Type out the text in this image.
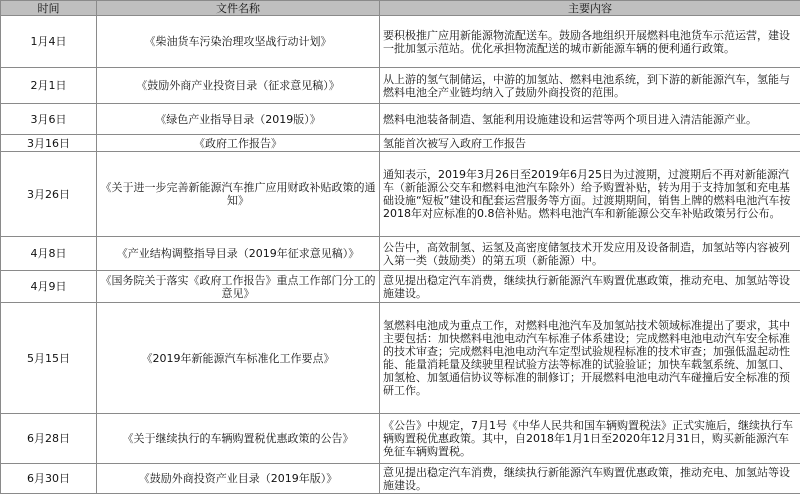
时间	文件名称	主要内容
1月4日	《柴油货车污染治理攻坚战行动计划》	要积极推广应用新能源物流配送车。鼓励各地组织开展燃料电池货车示范运营，建设一批加氢示范站。优化承担物流配送的城市新能源车辆的便利通行政策。
2月1日	《鼓励外商产业投资目录（征求意见稿）》	从上游的氢气制储运，中游的加氢站、燃料电池系统，到下游的新能源汽车，氢能与燃料电池全产业链均纳入了鼓励外商投资的范围。
3月6日	《绿色产业指导目录（2019版）》	燃料电池装备制造、氢能利用设施建设和运营等两个项目进入清洁能源产业。
3月16日	《政府工作报告》	氢能首次被写入政府工作报告
3月26日	《关于进一步完善新能源汽车推广应用财政补贴政策的通知》	通知表示，2019年3月26日至2019年6月25日为过渡期，过渡期后不再对新能源汽车（新能源公交车和燃料电池汽车除外）给予购置补贴，转为用于支持加氢和充电基础设施“短板”建设和配套运营服务等方面。过渡期期间，销售上牌的燃料电池汽车按2018年对应标准的0.8倍补贴。燃料电池汽车和新能源公交车补贴政策另行公布。
4月8日	《产业结构调整指导目录（2019年征求意见稿）》	公告中，高效制氢、运氢及高密度储氢技术开发应用及设备制造，加氢站等内容被列入第一类（鼓励类）的第五项（新能源）中。
4月9日	《国务院关于落实《政府工作报告》重点工作部门分工的意见》	意见提出稳定汽车消费，继续执行新能源汽车购置优惠政策，推动充电、加氢站等设施建设。
5月15日	《2019年新能源汽车标准化工作要点》	氢燃料电池成为重点工作，对燃料电池汽车及加氢站技术领域标准提出了要求，其中主要包括：加快燃料电池电动汽车标准子体系建设；完成燃料电池电动汽车安全标准的技术审查；完成燃料电池电动汽车定型试验规程标准的技术审查；加强低温起动性能、能量消耗量及续驶里程试验方法等标准的试验验证；加快车载氢系统、加氢口、加氢枪、加氢通信协议等标准的制修订；开展燃料电池电动汽车碰撞后安全标准的预研工作。
6月28日	《关于继续执行的车辆购置税优惠政策的公告》	《公告》中规定，7月1号《中华人民共和国车辆购置税法》正式实施后，继续执行车辆购置税优惠政策。其中，自2018年1月1日至2020年12月31日，购买新能源汽车免征车辆购置税。
6月30日	《鼓励外商投资产业目录（2019年版）》	意见提出稳定汽车消费，继续执行新能源汽车购置优惠政策，推动充电、加氢站等设施建设。
